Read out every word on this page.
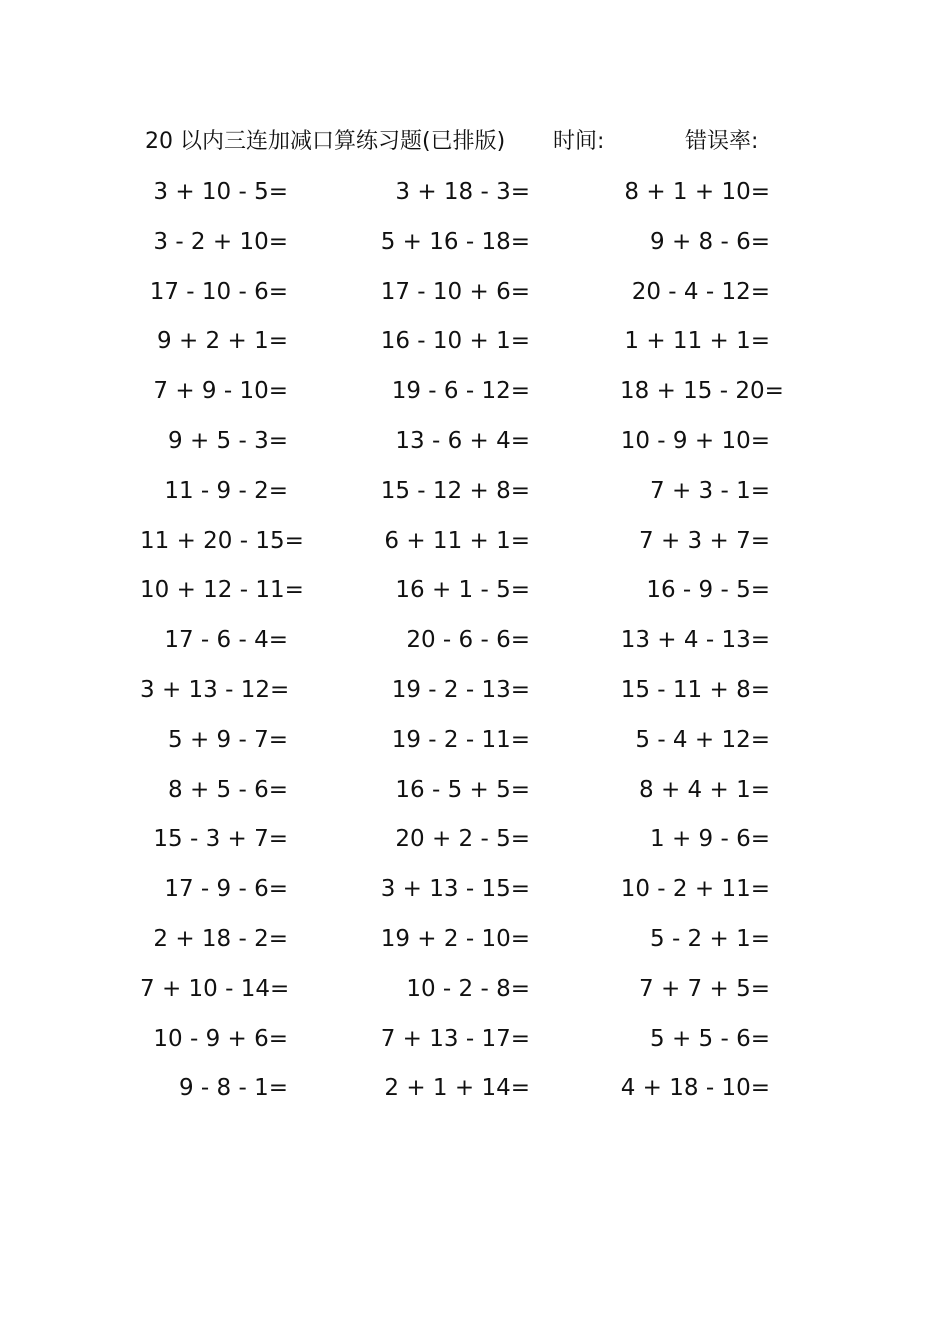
20 以内三连加减口算练习题(已排版) 时间:	错误率:
3 + 10 - 5=	3 + 18 - 3=	8 + 1 + 10=
3 - 2 + 10=	5 + 16 - 18=	9 + 8 - 6=
17 - 10 - 6=	17 - 10 + 6=	20 - 4 - 12=
9 + 2 + 1=	16 - 10 + 1=	1 + 11 + 1=
7 + 9 - 10=	19 - 6 - 12=	18 + 15 - 20=
9 + 5 - 3=	13 - 6 + 4=	10 - 9 + 10=
11 - 9 - 2=	15 - 12 + 8=	7 + 3 - 1=
11 + 20 - 15=	6 + 11 + 1=	7 + 3 + 7=
10 + 12 - 11=	16 + 1 - 5=	16 - 9 - 5=
17 - 6 - 4=	20 - 6 - 6=	13 + 4 - 13=
3 + 13 - 12=	19 - 2 - 13=	15 - 11 + 8=
5 + 9 - 7=	19 - 2 - 11=	5 - 4 + 12=
8 + 5 - 6=	16 - 5 + 5=	8 + 4 + 1=
15 - 3 + 7=	20 + 2 - 5=	1 + 9 - 6=
17 - 9 - 6=	3 + 13 - 15=	10 - 2 + 11=
2 + 18 - 2=	19 + 2 - 10=	5 - 2 + 1=
7 + 10 - 14=	10 - 2 - 8=	7 + 7 + 5=
10 - 9 + 6=	7 + 13 - 17=	5 + 5 - 6=
9 - 8 - 1=	2 + 1 + 14=	4 + 18 - 10=
